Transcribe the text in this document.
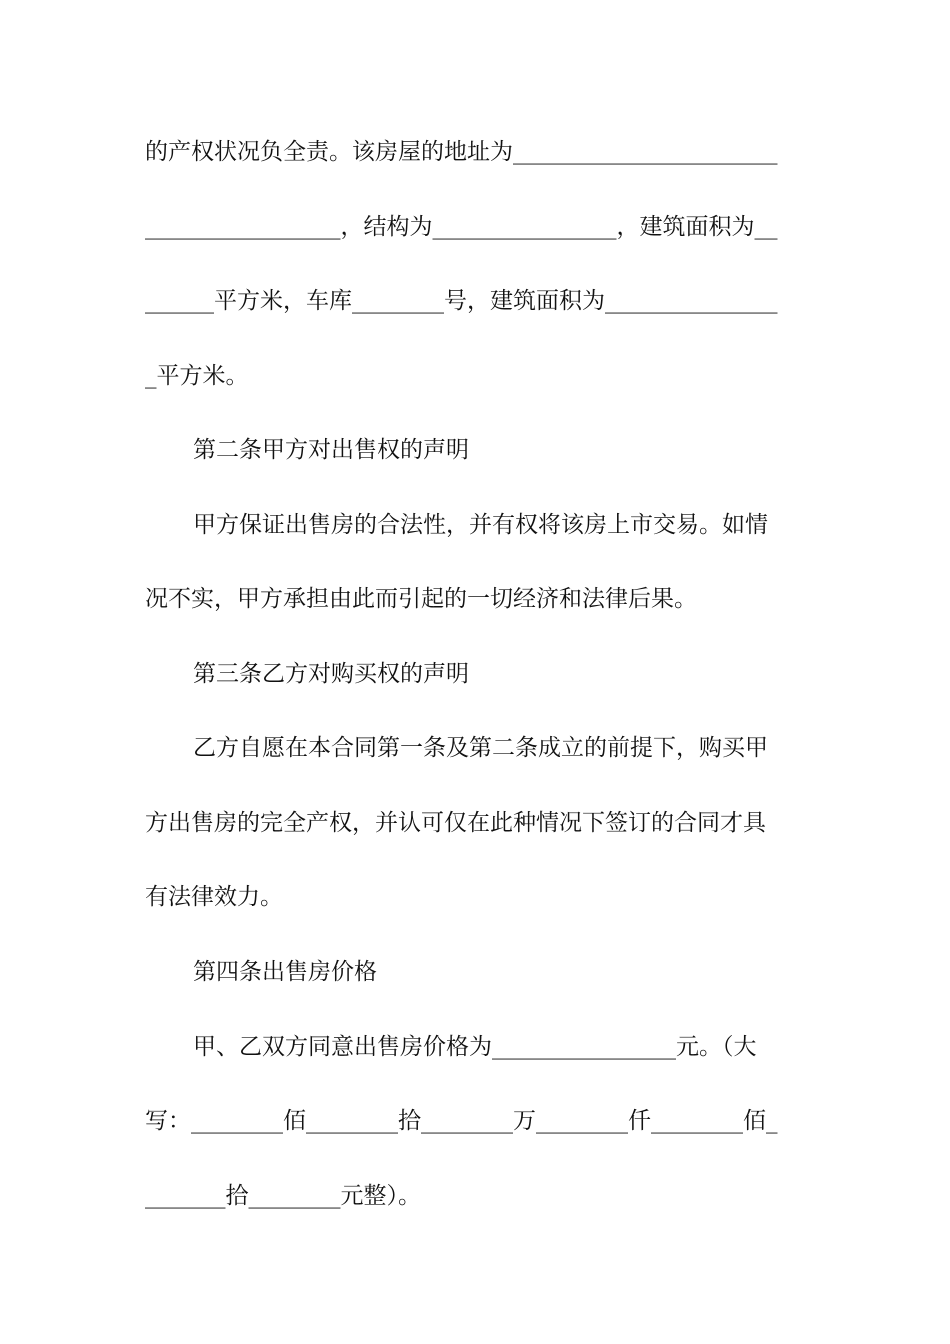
的产权状况负全责。该房屋的地址为_______________________
_________________，结构为________________，建筑面积为__
______平方米，车库________号，建筑面积为_______________
_平方米。
第二条甲方对出售权的声明
甲方保证出售房的合法性，并有权将该房上市交易。如情
况不实，甲方承担由此而引起的一切经济和法律后果。
第三条乙方对购买权的声明
乙方自愿在本合同第一条及第二条成立的前提下，购买甲
方出售房的完全产权，并认可仅在此种情况下签订的合同才具
有法律效力。
第四条出售房价格
甲、乙双方同意出售房价格为________________元。（大
写：________佰________拾________万________仟________佰_
_______拾________元整）。
